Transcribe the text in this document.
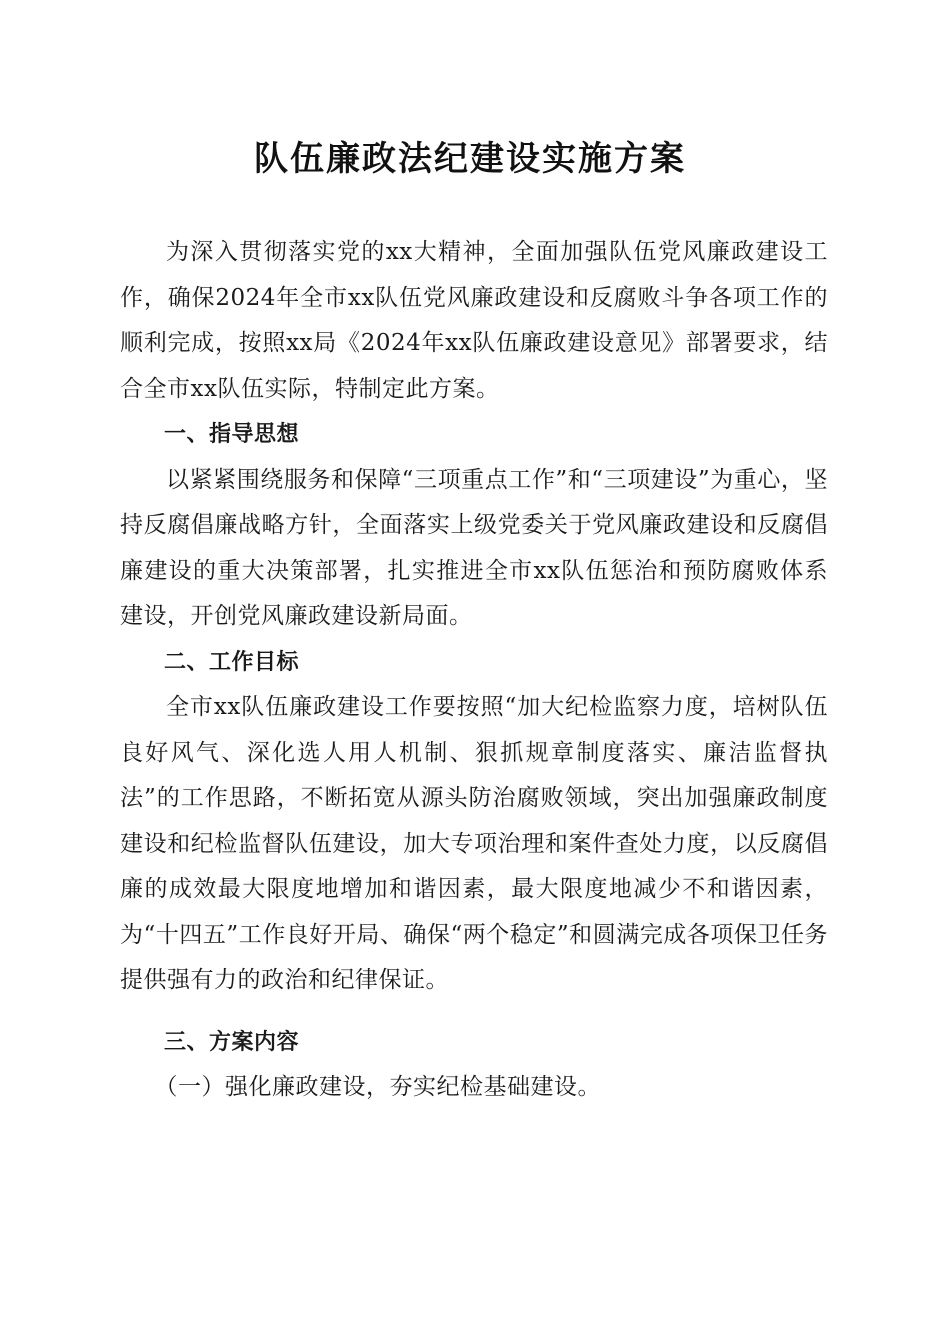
队伍廉政法纪建设实施方案

为深入贯彻落实党的xx大精神，全面加强队伍党风廉政建设工作，确保2024年全市xx队伍党风廉政建设和反腐败斗争各项工作的顺利完成，按照xx局《2024年xx队伍廉政建设意见》部署要求，结合全市xx队伍实际，特制定此方案。

一、指导思想

以紧紧围绕服务和保障“三项重点工作”和“三项建设”为重心，坚持反腐倡廉战略方针，全面落实上级党委关于党风廉政建设和反腐倡廉建设的重大决策部署，扎实推进全市xx队伍惩治和预防腐败体系建设，开创党风廉政建设新局面。

二、工作目标

全市xx队伍廉政建设工作要按照“加大纪检监察力度，培树队伍良好风气、深化选人用人机制、狠抓规章制度落实、廉洁监督执法”的工作思路，不断拓宽从源头防治腐败领域，突出加强廉政制度建设和纪检监督队伍建设，加大专项治理和案件查处力度，以反腐倡廉的成效最大限度地增加和谐因素，最大限度地减少不和谐因素，为“十四五”工作良好开局、确保“两个稳定”和圆满完成各项保卫任务提供强有力的政治和纪律保证。

三、方案内容

（一）强化廉政建设，夯实纪检基础建设。
